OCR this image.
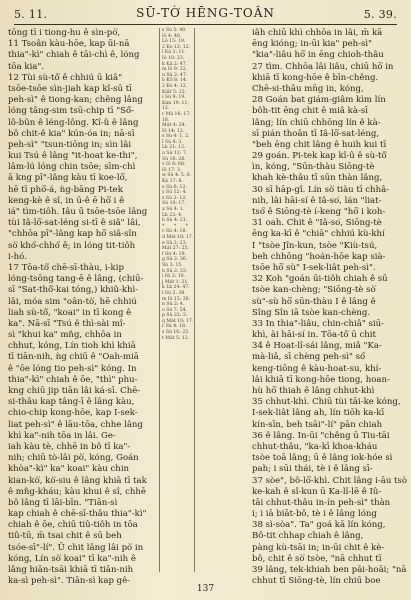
5. 11.	SŪ-TÒ͘ HĒNG-TOÂN	5. 39.
tōng tī i tiong-hu ê sìn-pò͘,
11 Tsoân kàu-hōe, kap ūi-nā
thia"-kì" chiah ê tāi-chì ê, lóng
tōa kia".
12 Tùi sù-tô͘ ê chhiú ū kiâ"
tsōe-tsōe sìn-jiah kap kî-sū tī
peh-sì" ê tiong-kan; chêng lâng
lóng tâng-sim tsū-chip tī "Sô͘-
lô-bûn ê léng-lông. Kî-û ê lâng
bô chit-ê kia" kún-óa in; nā-sī
peh-sì" "tsun-tiōng in; sìn lâi
kui Tsú ê lâng "it-hoat ke-thi",
lâm-lú lóng chin tsōe; sīm-chì
ā kng pī"-lâng kàu tī koe-lō͘,
hē tī phō͘-á, ǹg-bāng Pi-tek
keng-kè ê sî, in ū-ê ē hō͘ i ê
iá" tìm-tiôh. Iâu ū tsōe-tsōe lâng
tùi Iâ-lō͘-sat-léng si-tī ê siâ" lâi,
"chhōa pī"-lâng kap hō͘ siâ-sîn
sò͘ khó͘-chhó͘ ê; in lóng tit-tiôh
i-hó.
17 Tōa-tô͘ chē-sī-thàu, i-kip
lóng-tsōng tang-ē ê lâng, (chiū-
sī "Sat-thô͘-kai tóng,) khiû-khì-
lâi, móa sim "oân-tò͘, hē chhiú
liah sù-tô͘, "koai" in tī kong ê
ka". Nā-sī "Tsú ê thì-sài mî-
sì "khui ka" mn̂g, chhōa in
chhut, kóng, Lín tioh khì khiā
tī tiān-nih, ǹg chiū ê "Oah-miā
ê "ōe lóng tio peh-sì" kóng. In
thia"-kì" chiah ê ōe, "thì" phu-
kng chiū jip tiān lâi ká-sī. Chē-
si-thâu kap tâng-ī ê lâng kàu,
chio-chip kong-hōe, kap I-sek-
liat peh-sì" ê lāu-tōa, chhe lâng
khì ka"-nih tōa in lâi. Ge-
iah kàu tè, chhē in bô tī ka"-
nih; chiū tò-lâi pò͘, kóng, Goán
khòa"-kì" ka" koai" kàu chin
kian-kò͘, kò͘-siu ê lâng khiā tī tak
ê mn̂g-kháu; kàu khui ê sî, chhē
bô lâng tī lāi-bīn. "Tiān-sì
kap chiah ê chē-sī-thâu thia"-kì"
chiah ê ōe, chiū tiû-tiôh in tōa
tiû-tū, m̄ tsai chit ê sū beh
tsóe-sī"-lí". Ū chit lâng lâi pò͘ in
kóng, Lín sò͘ koai" tī ka"-nih ê
lâng hiān-tsāi khiā tī tiān-nih
ka-sì peh-sì". Tiān-sì kap gê-
s Sù 5: 40.
Iô 4: 48.
Lô 15: 19.
2 Ko 12: 12.
ī Ká 3: 11.
Iô 10: 23.
k Ká 2: 47.
m Iô 9: 22.
n Sù 2: 47.
b Kō 8: 14.
2 Kò 4: 12.
Kiât 5: 22.
i Sù 9: 19.
Kun 19: 11.
12.
r Má 16: 17.
18.
Mát 4: 24.
Iô 14: 12.
s Sù 4: 1, 2.
ī Sù 4: 3.
Lk 21: 12.
u Sù 12: 7.
Sù 16: 26.
v Iô 6: 68.
Iô 17: 3.
w Sù 4: 5, 6.
Ká 17: 8.
x Sù 6: 12.
y Sù 12: 4.
z Sù 2: 12.
Sù 10: 17.
a Sù 4: 1.
Lk 22: 4.
b Sù 4: 21.
* * *
c Sù 4: 18.
d Mát 10: 17.
e Sù 2: 23.
Mát 27: 25.
f Sù 4: 19.
g Sù 2: 36.
Sù 3: 15.
h Sù 2: 33.
i Hi 2: 10.
j Mát 1: 21.
k Lk 24: 47.
l Sù 2: 38.
m Iô 15: 26.
n Sù 2: 4.
o Sù 7: 54.
p Sù 22: 3.
q Mát 10: 17.
r Sù 4: 18.
s Sù 16: 23.
t Mát 5: 12.
iâh chiū khì chhōa in lâi, m̄ kā
ēng kióng; in-ūi kia" peh-sì"
"kia"-liâu hō͘ in ēng chioh-thâu
27 tìm. Chhōa lâi liâu, chiū hō͘ in
khiā tī kong-hōe ê bīn-chêng.
Chē-si-thâu mn̄g in, kóng,
28 Goán bat giám-giâm kìm lín
bôh-tit ēng chit ê miâ kà-sī
lâng; lín chiū chhōng lín ê kà-
sī pián thoân tī Iâ-lō͘-sat-léng,
"beh ēng chit lâng ê huih kui tī
29 goán. Pi-tek kap kî-û ê sù-tô͘
ìn, kóng, "Sūn-thàu Siōng-tè
khah kè-thâu tī sūn thàn lâng,
30 sī hāp-gî. Lín sò͘ tiàu tī chhâ-
nih, lâi hāi-sí ê Iâ-so͘, lán "liat-
tsó͘ ê Siōng-tè í-keng "hō͘ i koh-
31 oah. Chit ê "Iâ-so͘, Siōng-tè
ēng ka-kī ê "chiā" chhiú kù-khí
I "tsòe Jîn-kun, tsòe "Kiù-tsú,
beh chhōng "hoán-hōe kap sià-
tsōe hō͘ sù" I-sek-liât peh-sì".
32 Koh "goán ūi-tiôh chiah ê sū
tsòe kan-chèng; "Siōng-tè sò͘
sù"-sù hō͘ sūn-thàu I ê lâng ê
Sîng Sîn iā tsòe kan-chèng.
33 In thia"-liâu, chin-chiâ" siū-
khì, ài hāi-sí in. Tōa-tô͘ ū chit
34 ê Hoat-lî-sái lâng, miâ "Ka-
mà-liâ, sī chèng peh-sì" só͘
keng-tiōng ê kàu-hoat-su, khí-
lâi khiā tī kong-hōe tiong, hoan-
hù hō͘ thiah ê lâng chhut-khì
35 chhut-khì. Chiū tùi tāi-ke kóng,
I-sek-liât lâng ah, lín tiōh ka-kī
kín-sīn, beh tsāi"-lí" pān chiah
36 ê lâng. In-ūi "chêng ū Tiu-tāi
chhut-thâu, "ka-kī khoa-kháu
tsòe toā lâng; ū ê lâng iok-hóe sì
pah; i sūi thái, tè i ê lâng sī-
37 sòe", bô-lō͘-khì. Chit lâng i-āu tsò
ke-kah ê sî-kun ū Ka-lî-lē ê Iû-
tāi chhut-thâu in-ín peh-sì" thàn
i; i iā biāt-bô, tè i ê lâng lóng
38 sì-sòa". Ta" goá kā lín kóng,
Bô-tit chhap chiah ê lâng,
pàng kù-tsāi in; in-ūi chit ê kè-
bô, chit ê sò͘ tsòe, "nā chhut tī
39 lâng, tek-khiah ben pāi-hoāi; "nā
chhut tī Siōng-tè, lín chiū boe
137
